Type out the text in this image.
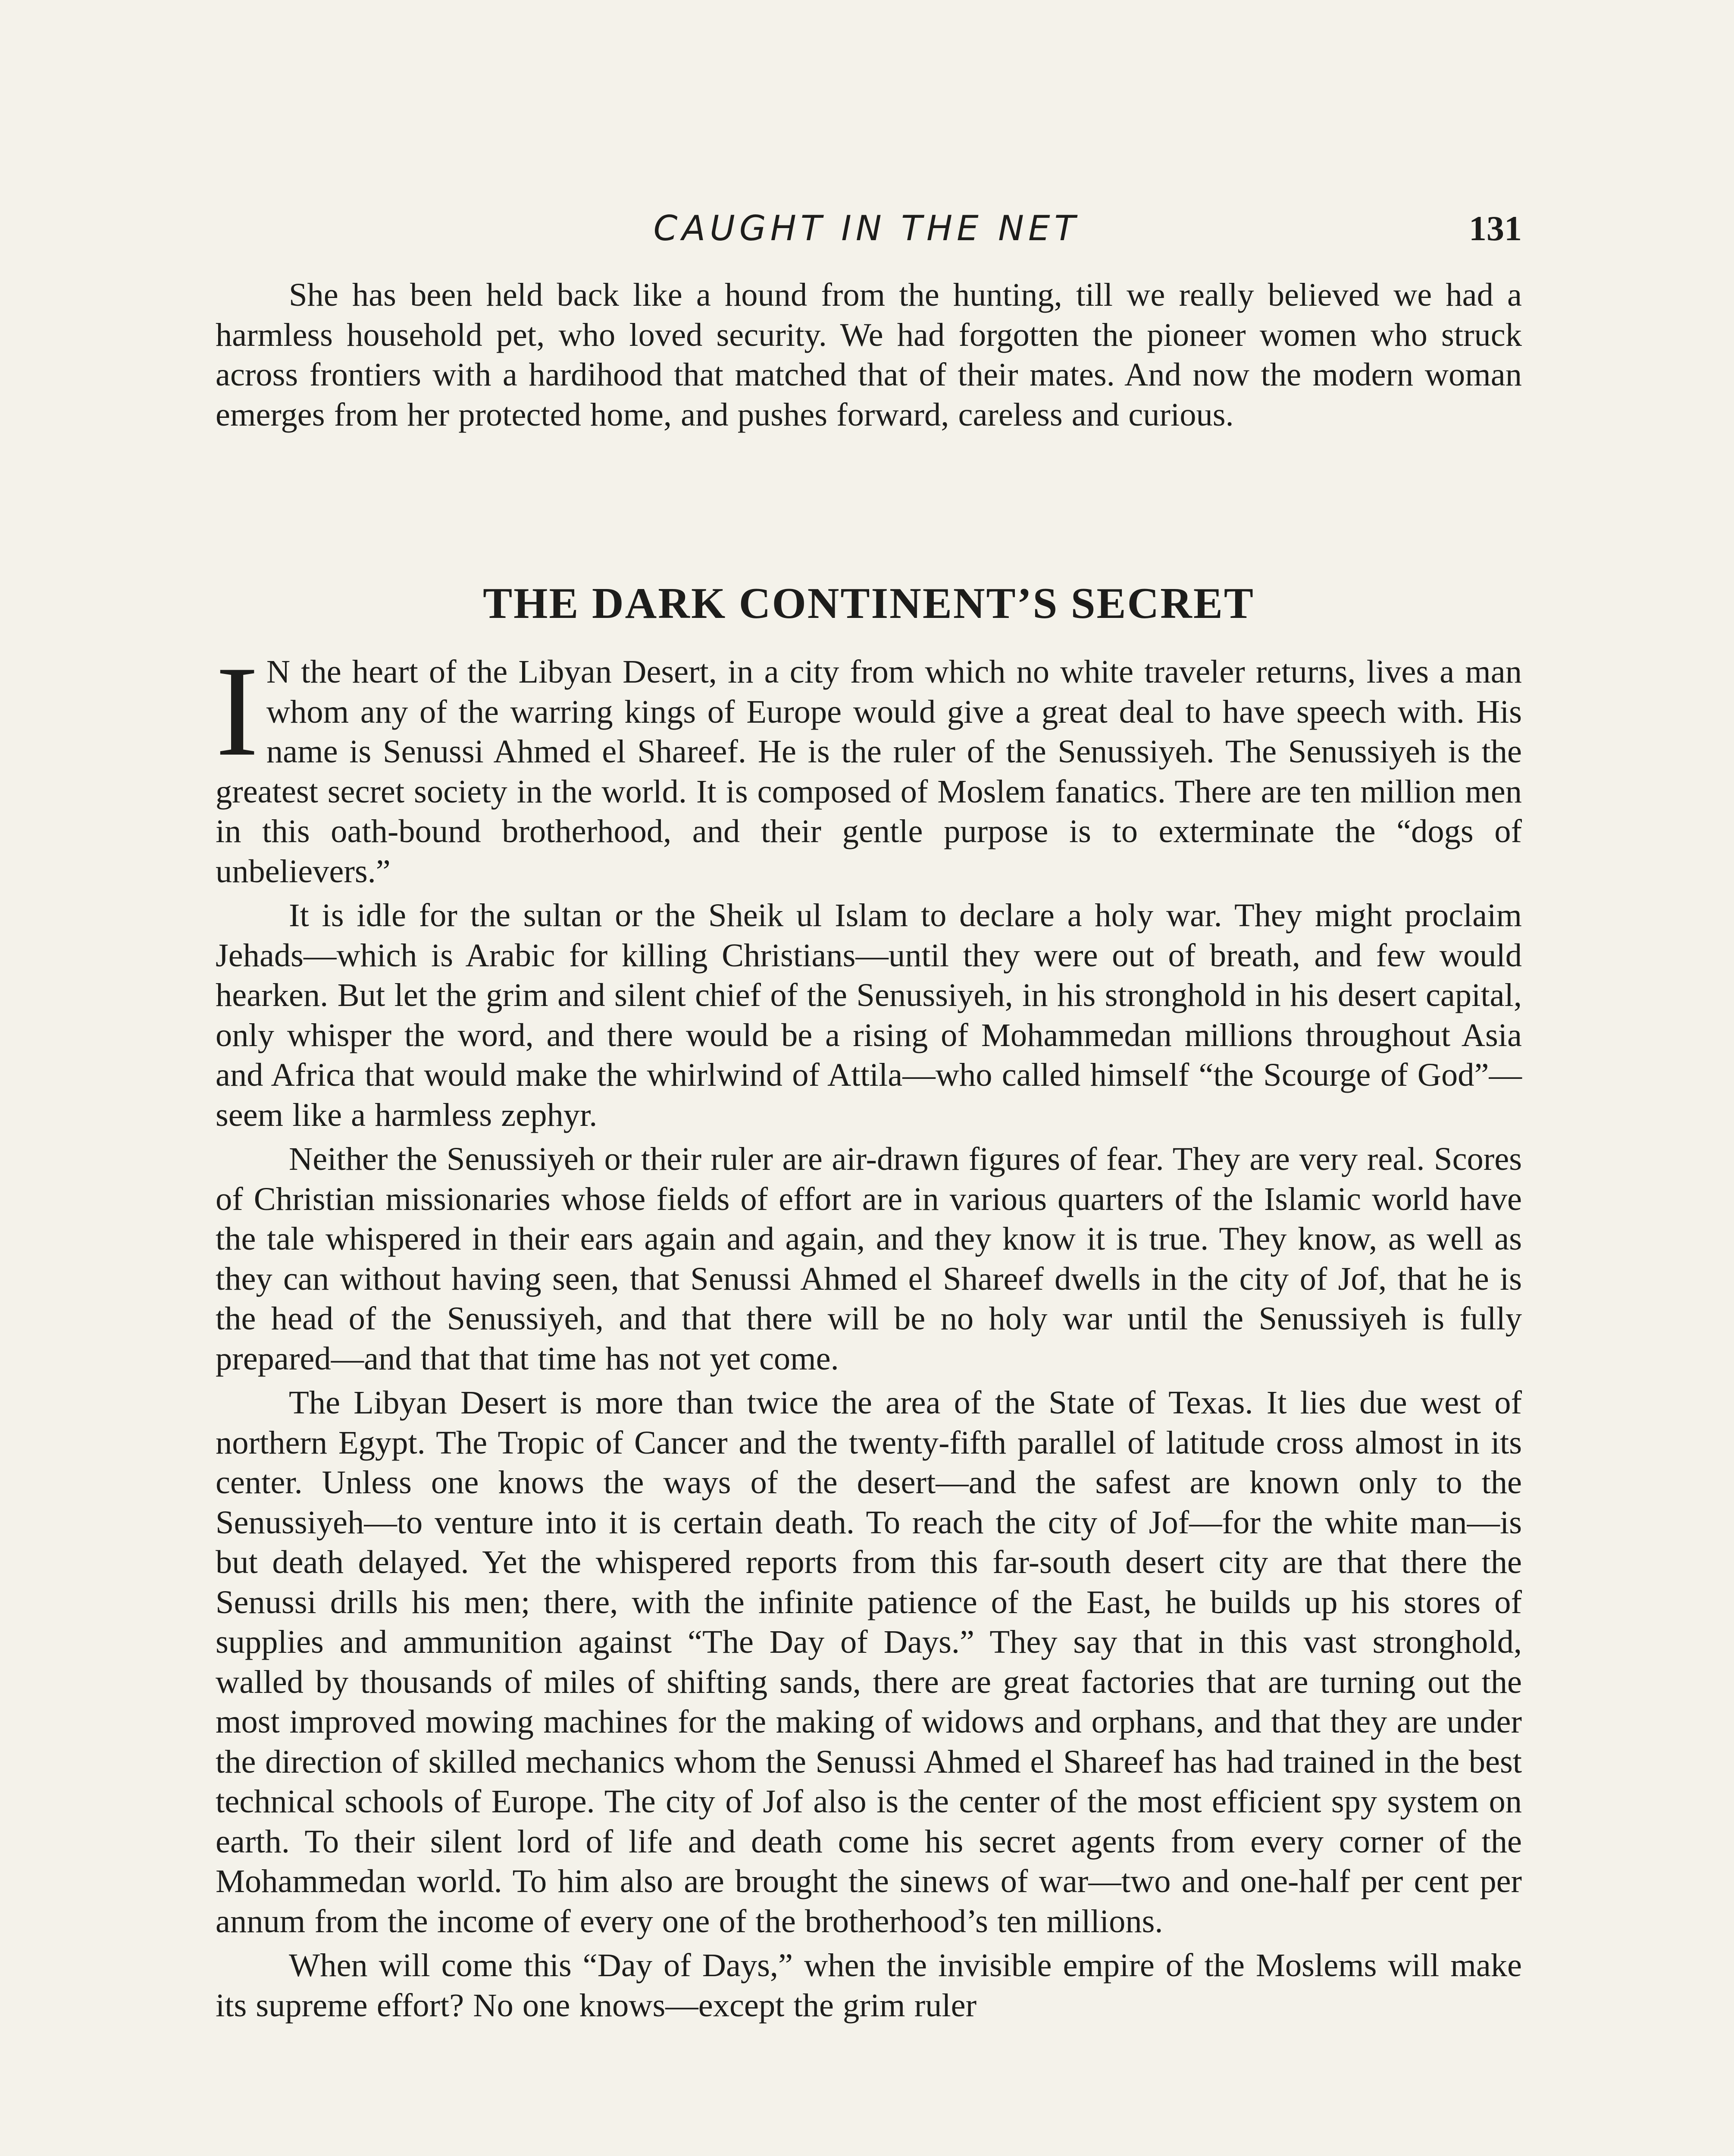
CAUGHT IN THE NET	131

She has been held back like a hound from the hunting, till we really believed we had a harmless household pet, who loved security. We had forgotten the pioneer women who struck across frontiers with a hardihood that matched that of their mates. And now the modern woman emerges from her protected home, and pushes forward, careless and curious.

THE DARK CONTINENT’S SECRET

I N the heart of the Libyan Desert, in a city from which no white traveler returns, lives a man whom any of the warring kings of Europe would give a great deal to have speech with. His name is Senussi Ahmed el Shareef. He is the ruler of the Senussiyeh. The Senussiyeh is the greatest secret society in the world. It is composed of Moslem fanatics. There are ten million men in this oath-bound brotherhood, and their gentle purpose is to exterminate the “dogs of unbelievers.”

It is idle for the sultan or the Sheik ul Islam to declare a holy war. They might proclaim Jehads—which is Arabic for killing Christians—until they were out of breath, and few would hearken. But let the grim and silent chief of the Senussiyeh, in his stronghold in his desert capital, only whisper the word, and there would be a rising of Mohammedan millions throughout Asia and Africa that would make the whirlwind of Attila—who called himself “the Scourge of God”—seem like a harmless zephyr.

Neither the Senussiyeh or their ruler are air-drawn figures of fear. They are very real. Scores of Christian missionaries whose fields of effort are in various quarters of the Islamic world have the tale whispered in their ears again and again, and they know it is true. They know, as well as they can without having seen, that Senussi Ahmed el Shareef dwells in the city of Jof, that he is the head of the Senussiyeh, and that there will be no holy war until the Senussiyeh is fully prepared—and that that time has not yet come.

The Libyan Desert is more than twice the area of the State of Texas. It lies due west of northern Egypt. The Tropic of Cancer and the twenty-fifth parallel of latitude cross almost in its center. Unless one knows the ways of the desert—and the safest are known only to the Senussiyeh—to venture into it is certain death. To reach the city of Jof—for the white man—is but death delayed. Yet the whispered reports from this far-south desert city are that there the Senussi drills his men; there, with the infinite patience of the East, he builds up his stores of supplies and ammunition against “The Day of Days.” They say that in this vast stronghold, walled by thousands of miles of shifting sands, there are great factories that are turning out the most improved mowing machines for the making of widows and orphans, and that they are under the direction of skilled mechanics whom the Senussi Ahmed el Shareef has had trained in the best technical schools of Europe. The city of Jof also is the center of the most efficient spy system on earth. To their silent lord of life and death come his secret agents from every corner of the Mohammedan world. To him also are brought the sinews of war—two and one-half per cent per annum from the income of every one of the brotherhood’s ten millions.

When will come this “Day of Days,” when the invisible empire of the Moslems will make its supreme effort? No one knows—except the grim ruler
